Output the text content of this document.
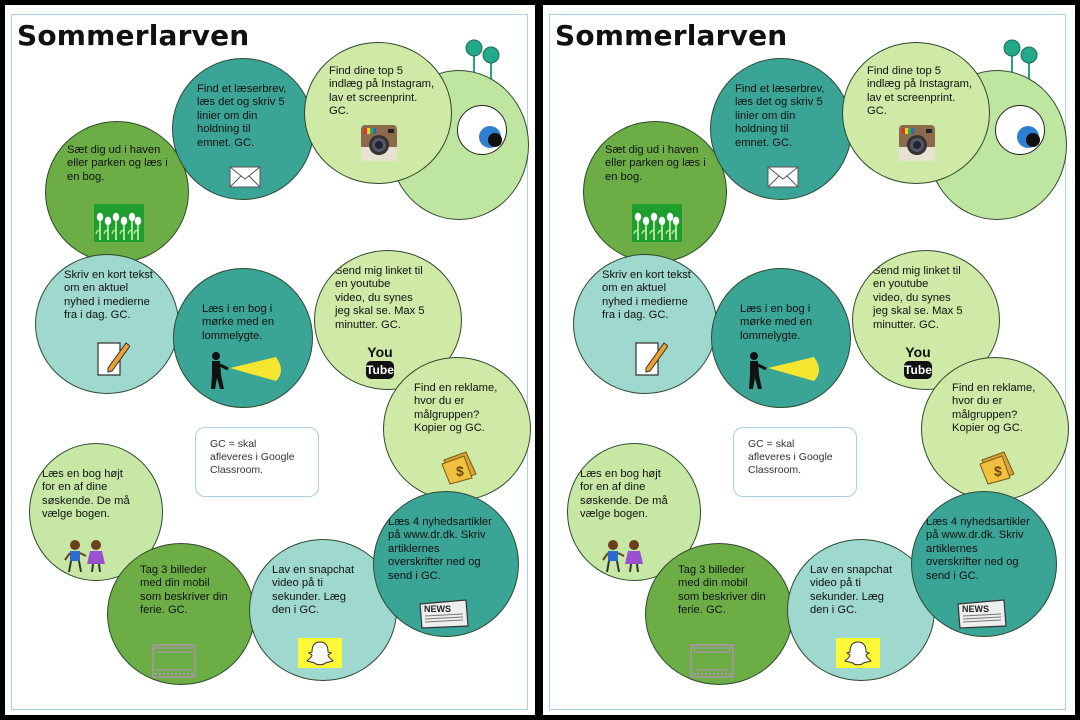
Sommerlarven
Sæt dig ud i haven
eller parken og læs i
en bog.
Find et læserbrev,
læs det og skriv 5
linier om din
holdning til
emnet. GC.
Skriv en kort tekst
om en aktuel
nyhed i medierne
fra i dag. GC.
Læs i en bog i
mørke med en
lommelygte.
Send mig linket til
en youtube
video, du synes
jeg skal se. Max 5
minutter. GC.
You
Tube
Find dine top 5
indlæg på Instagram,
lav et screenprint.
GC.
Find en reklame,
hvor du er
målgruppen?
Kopier og GC.
$
Læs en bog højt
for en af dine
søskende. De må
vælge bogen.
Tag 3 billeder
med din mobil
som beskriver din
ferie. GC.
Lav en snapchat
video på ti
sekunder. Læg
den i GC.
Læs 4 nyhedsartikler
på www.dr.dk. Skriv
artiklernes
overskrifter ned og
send i GC.
NEWS
GC = skal
afleveres i Google
Classroom.
Sommerlarven
Sæt dig ud i haven
eller parken og læs i
en bog.
Find et læserbrev,
læs det og skriv 5
linier om din
holdning til
emnet. GC.
Skriv en kort tekst
om en aktuel
nyhed i medierne
fra i dag. GC.
Læs i en bog i
mørke med en
lommelygte.
Send mig linket til
en youtube
video, du synes
jeg skal se. Max 5
minutter. GC.
You
Tube
Find dine top 5
indlæg på Instagram,
lav et screenprint.
GC.
Find en reklame,
hvor du er
målgruppen?
Kopier og GC.
$
Læs en bog højt
for en af dine
søskende. De må
vælge bogen.
Tag 3 billeder
med din mobil
som beskriver din
ferie. GC.
Lav en snapchat
video på ti
sekunder. Læg
den i GC.
Læs 4 nyhedsartikler
på www.dr.dk. Skriv
artiklernes
overskrifter ned og
send i GC.
NEWS
GC = skal
afleveres i Google
Classroom.
